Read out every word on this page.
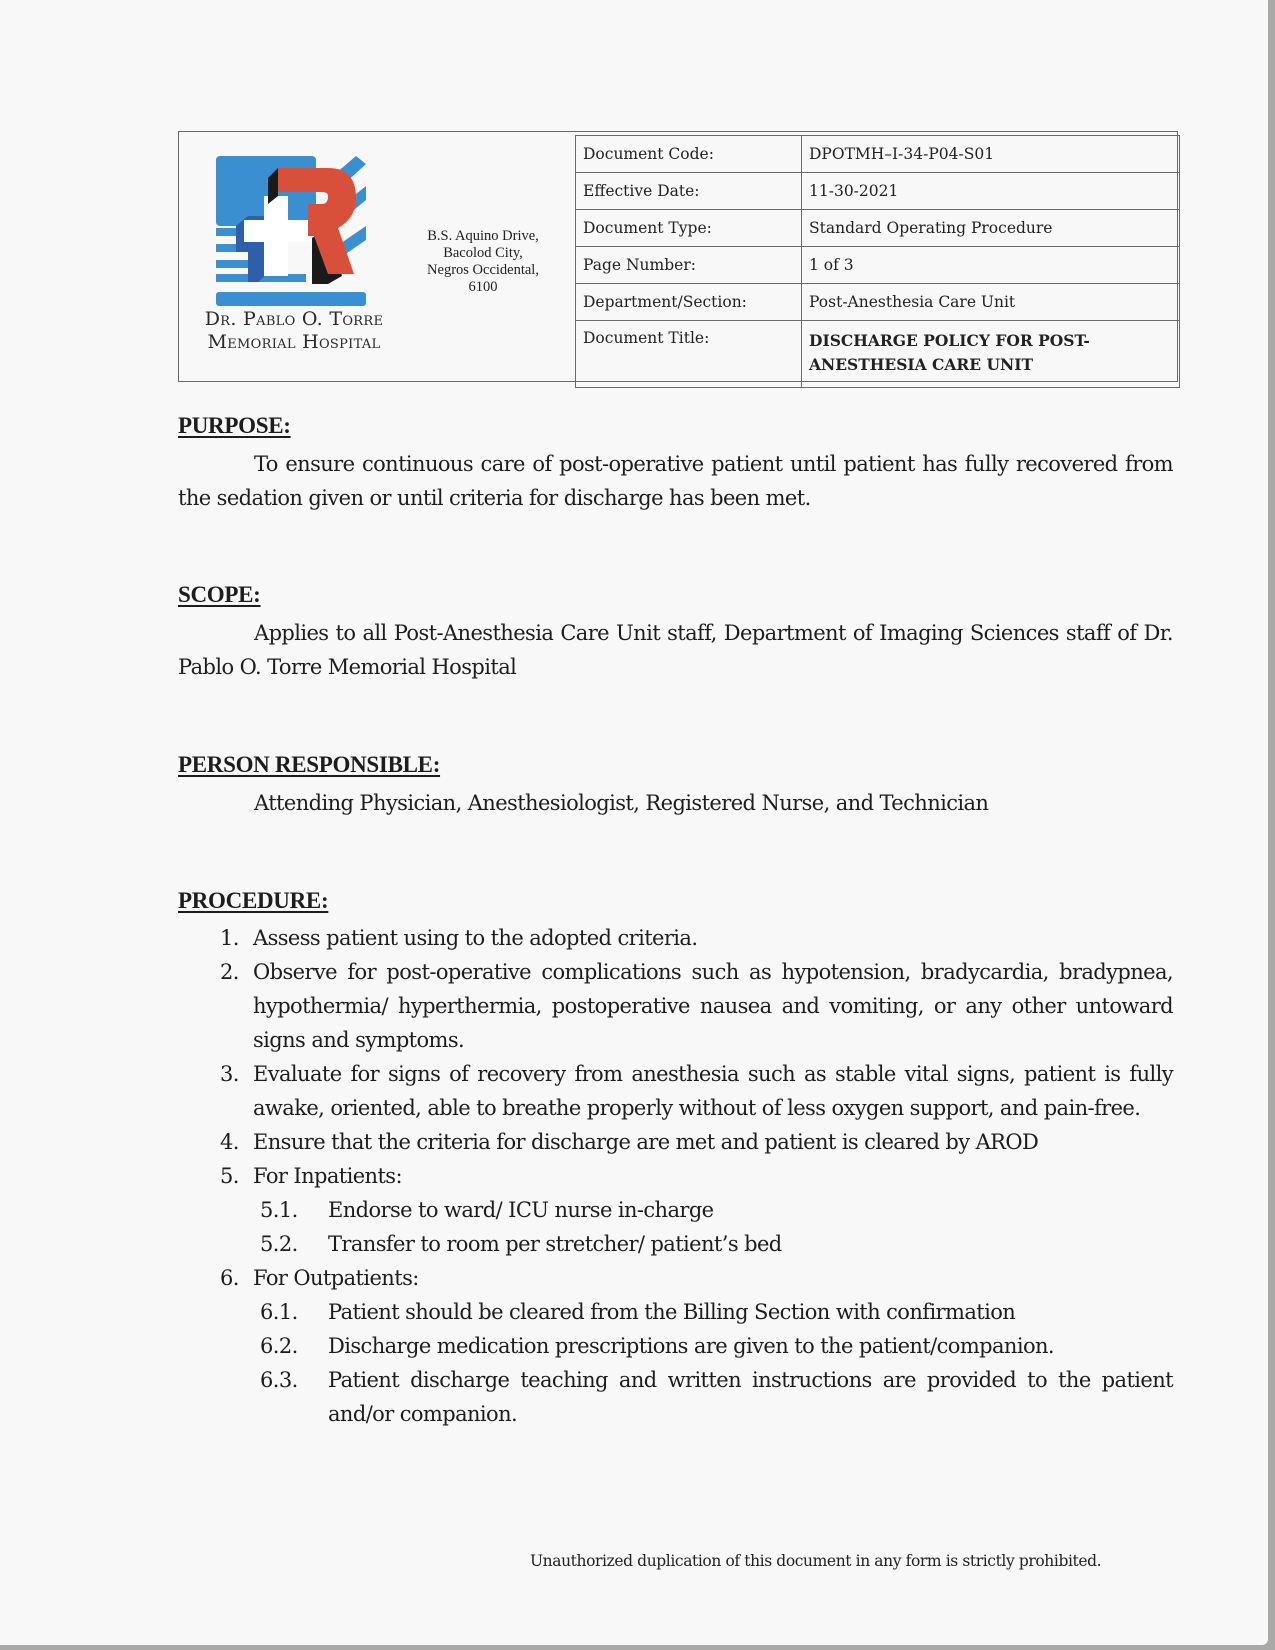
Dr. Pablo O. Torre
Memorial Hospital
B.S. Aquino Drive,
Bacolod City,
Negros Occidental,
6100
Document Code:	DPOTMH–I-34-P04-S01
Effective Date:	11-30-2021
Document Type:	Standard Operating Procedure
Page Number:	1 of 3
Department/Section:	Post-Anesthesia Care Unit
Document Title:	DISCHARGE POLICY FOR POST-ANESTHESIA CARE UNIT
PURPOSE:
To ensure continuous care of post-operative patient until patient has fully recovered from the sedation given or until criteria for discharge has been met.
SCOPE:
Applies to all Post-Anesthesia Care Unit staff, Department of Imaging Sciences staff of Dr. Pablo O. Torre Memorial Hospital
PERSON RESPONSIBLE:
Attending Physician, Anesthesiologist, Registered Nurse, and Technician
PROCEDURE:
1. Assess patient using to the adopted criteria.
2. Observe for post-operative complications such as hypotension, bradycardia, bradypnea, hypothermia/ hyperthermia, postoperative nausea and vomiting, or any other untoward signs and symptoms.
3. Evaluate for signs of recovery from anesthesia such as stable vital signs, patient is fully awake, oriented, able to breathe properly without of less oxygen support, and pain-free.
4. Ensure that the criteria for discharge are met and patient is cleared by AROD
5. For Inpatients:
5.1. Endorse to ward/ ICU nurse in-charge
5.2. Transfer to room per stretcher/ patient’s bed
6. For Outpatients:
6.1. Patient should be cleared from the Billing Section with confirmation
6.2. Discharge medication prescriptions are given to the patient/companion.
6.3. Patient discharge teaching and written instructions are provided to the patient and/or companion.
Unauthorized duplication of this document in any form is strictly prohibited.
